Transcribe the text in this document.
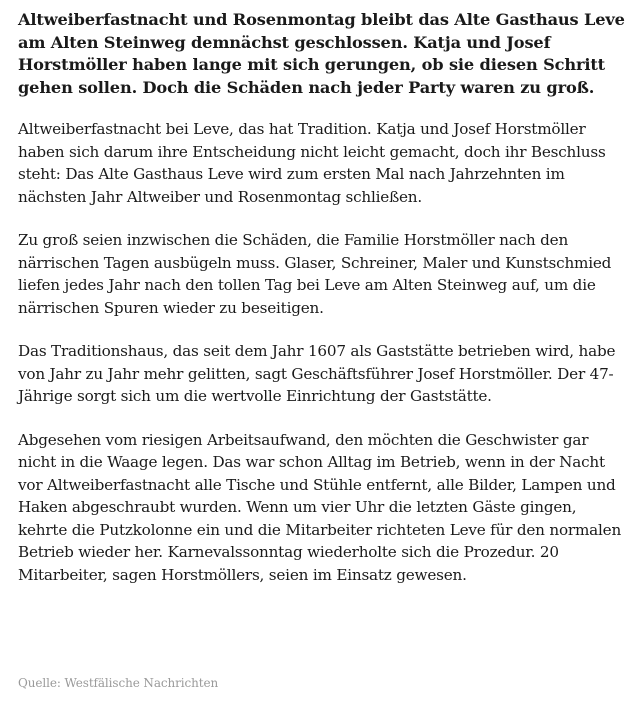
Altweiberfastnacht und Rosenmontag bleibt das Alte Gasthaus Leve am Alten Steinweg demnächst geschlossen. Katja und Josef Horstmöller haben lange mit sich gerungen, ob sie diesen Schritt gehen sollen. Doch die Schäden nach jeder Party waren zu groß.

Altweiberfastnacht bei Leve, das hat Tradition. Katja und Josef Horstmöller haben sich darum ihre Entscheidung nicht leicht gemacht, doch ihr Beschluss steht: Das Alte Gasthaus Leve wird zum ersten Mal nach Jahrzehnten im nächsten Jahr Altweiber und Rosenmontag schließen.

Zu groß seien inzwischen die Schäden, die Familie Horstmöller nach den närrischen Tagen ausbügeln muss. Glaser, Schreiner, Maler und Kunstschmied liefen jedes Jahr nach den tollen Tag bei Leve am Alten Steinweg auf, um die närrischen Spuren wieder zu beseitigen.

Das Traditionshaus, das seit dem Jahr 1607 als Gaststätte betrieben wird, habe von Jahr zu Jahr mehr gelitten, sagt Geschäftsführer Josef Horstmöller. Der 47-Jährige sorgt sich um die wertvolle Einrichtung der Gaststätte.

Abgesehen vom riesigen Arbeitsaufwand, den möchten die Geschwister gar nicht in die Waage legen. Das war schon Alltag im Betrieb, wenn in der Nacht vor Altweiberfastnacht alle Tische und Stühle entfernt, alle Bilder, Lampen und Haken abgeschraubt wurden. Wenn um vier Uhr die letzten Gäste gingen, kehrte die Putzkolonne ein und die Mitarbeiter richteten Leve für den normalen Betrieb wieder her. Karnevalssonntag wiederholte sich die Prozedur. 20 Mitarbeiter, sagen Horstmöllers, seien im Einsatz gewesen.

Quelle: Westfälische Nachrichten
